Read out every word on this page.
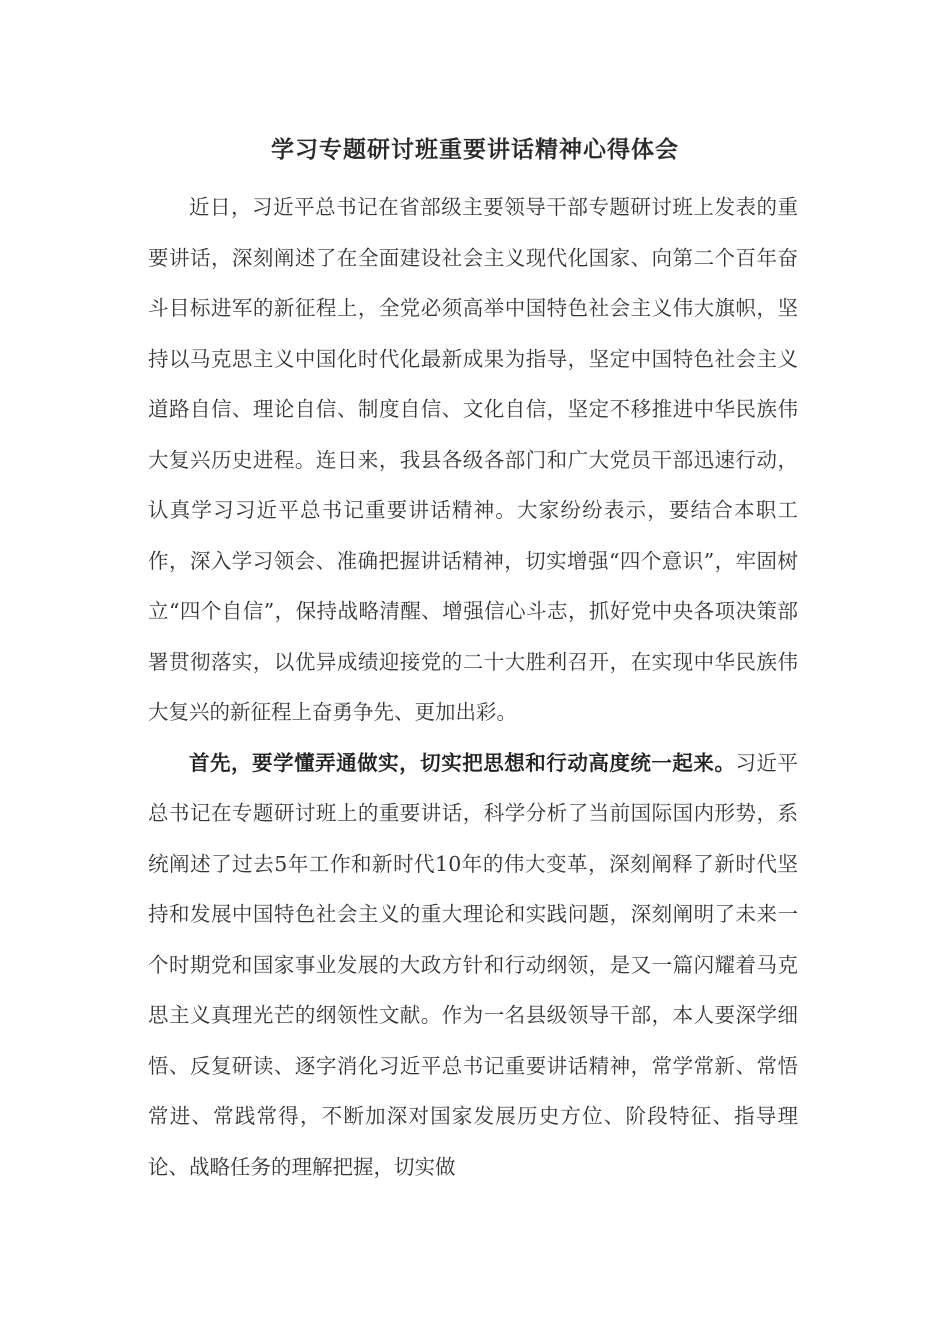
学习专题研讨班重要讲话精神心得体会

近日，习近平总书记在省部级主要领导干部专题研讨班上发表的重要讲话，深刻阐述了在全面建设社会主义现代化国家、向第二个百年奋斗目标进军的新征程上，全党必须高举中国特色社会主义伟大旗帜，坚持以马克思主义中国化时代化最新成果为指导，坚定中国特色社会主义道路自信、理论自信、制度自信、文化自信，坚定不移推进中华民族伟大复兴历史进程。连日来，我县各级各部门和广大党员干部迅速行动，认真学习习近平总书记重要讲话精神。大家纷纷表示，要结合本职工作，深入学习领会、准确把握讲话精神，切实增强“四个意识”，牢固树立“四个自信”，保持战略清醒、增强信心斗志，抓好党中央各项决策部署贯彻落实，以优异成绩迎接党的二十大胜利召开，在实现中华民族伟大复兴的新征程上奋勇争先、更加出彩。

首先，要学懂弄通做实，切实把思想和行动高度统一起来。习近平总书记在专题研讨班上的重要讲话，科学分析了当前国际国内形势，系统阐述了过去5年工作和新时代10年的伟大变革，深刻阐释了新时代坚持和发展中国特色社会主义的重大理论和实践问题，深刻阐明了未来一个时期党和国家事业发展的大政方针和行动纲领，是又一篇闪耀着马克思主义真理光芒的纲领性文献。作为一名县级领导干部，本人要深学细悟、反复研读、逐字消化习近平总书记重要讲话精神，常学常新、常悟常进、常践常得，不断加深对国家发展历史方位、阶段特征、指导理论、战略任务的理解把握，切实做
